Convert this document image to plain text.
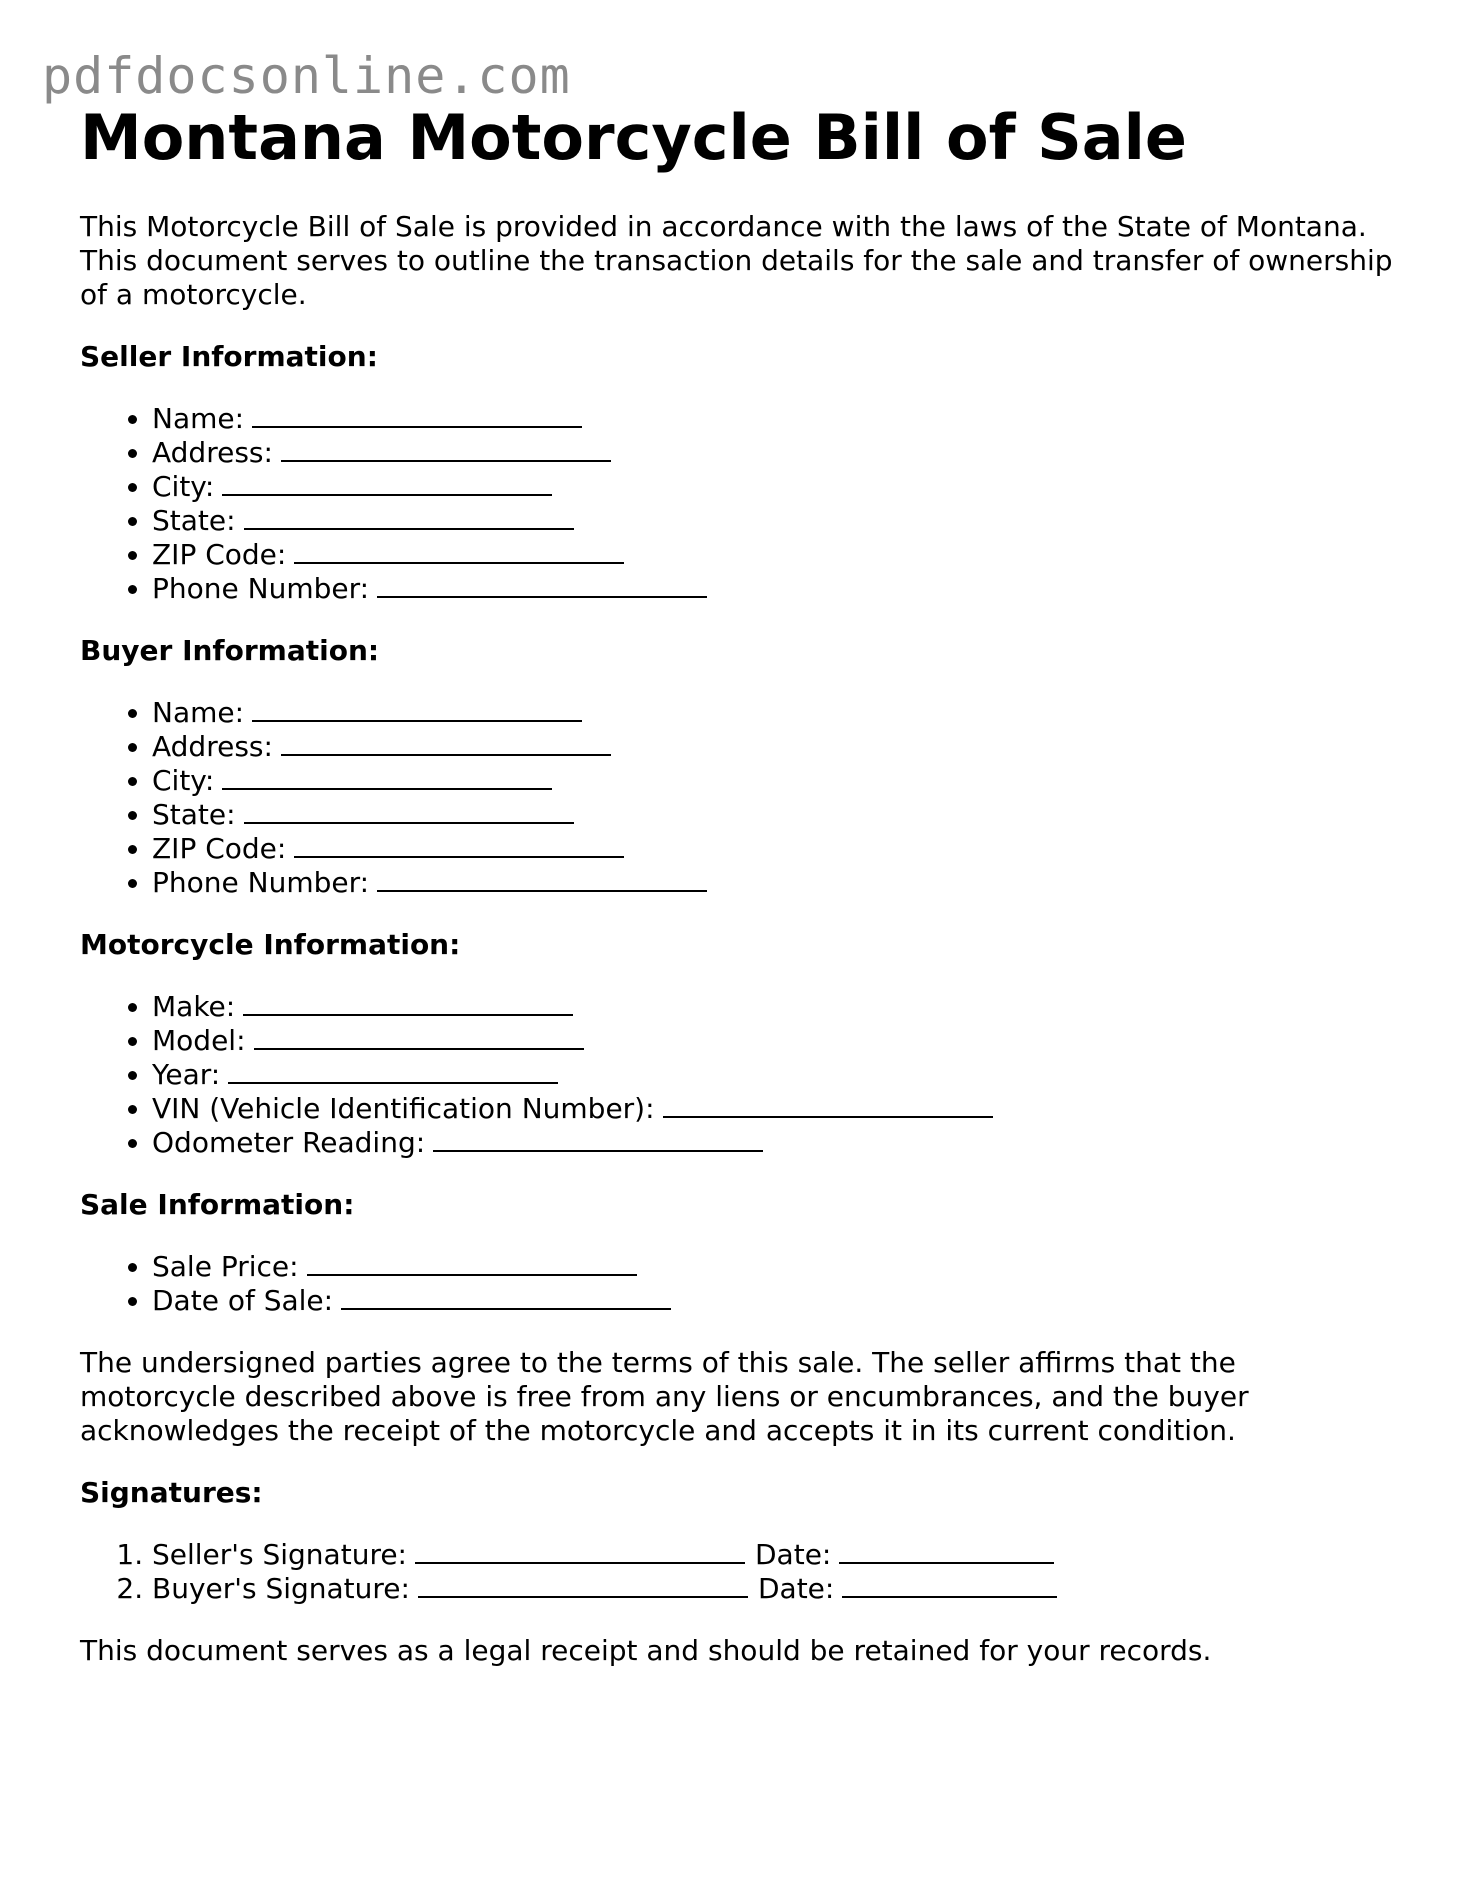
pdfdocsonline.com
Montana Motorcycle Bill of Sale

This Motorcycle Bill of Sale is provided in accordance with the laws of the State of Montana. This document serves to outline the transaction details for the sale and transfer of ownership of a motorcycle.

Seller Information:

• Name:
• Address:
• City:
• State:
• ZIP Code:
• Phone Number:

Buyer Information:

• Name:
• Address:
• City:
• State:
• ZIP Code:
• Phone Number:

Motorcycle Information:

• Make:
• Model:
• Year:
• VIN (Vehicle Identification Number):
• Odometer Reading:

Sale Information:

• Sale Price:
• Date of Sale:

The undersigned parties agree to the terms of this sale. The seller affirms that the motorcycle described above is free from any liens or encumbrances, and the buyer acknowledges the receipt of the motorcycle and accepts it in its current condition.

Signatures:

1. Seller's Signature:	Date:
2. Buyer's Signature:	Date:

This document serves as a legal receipt and should be retained for your records.
